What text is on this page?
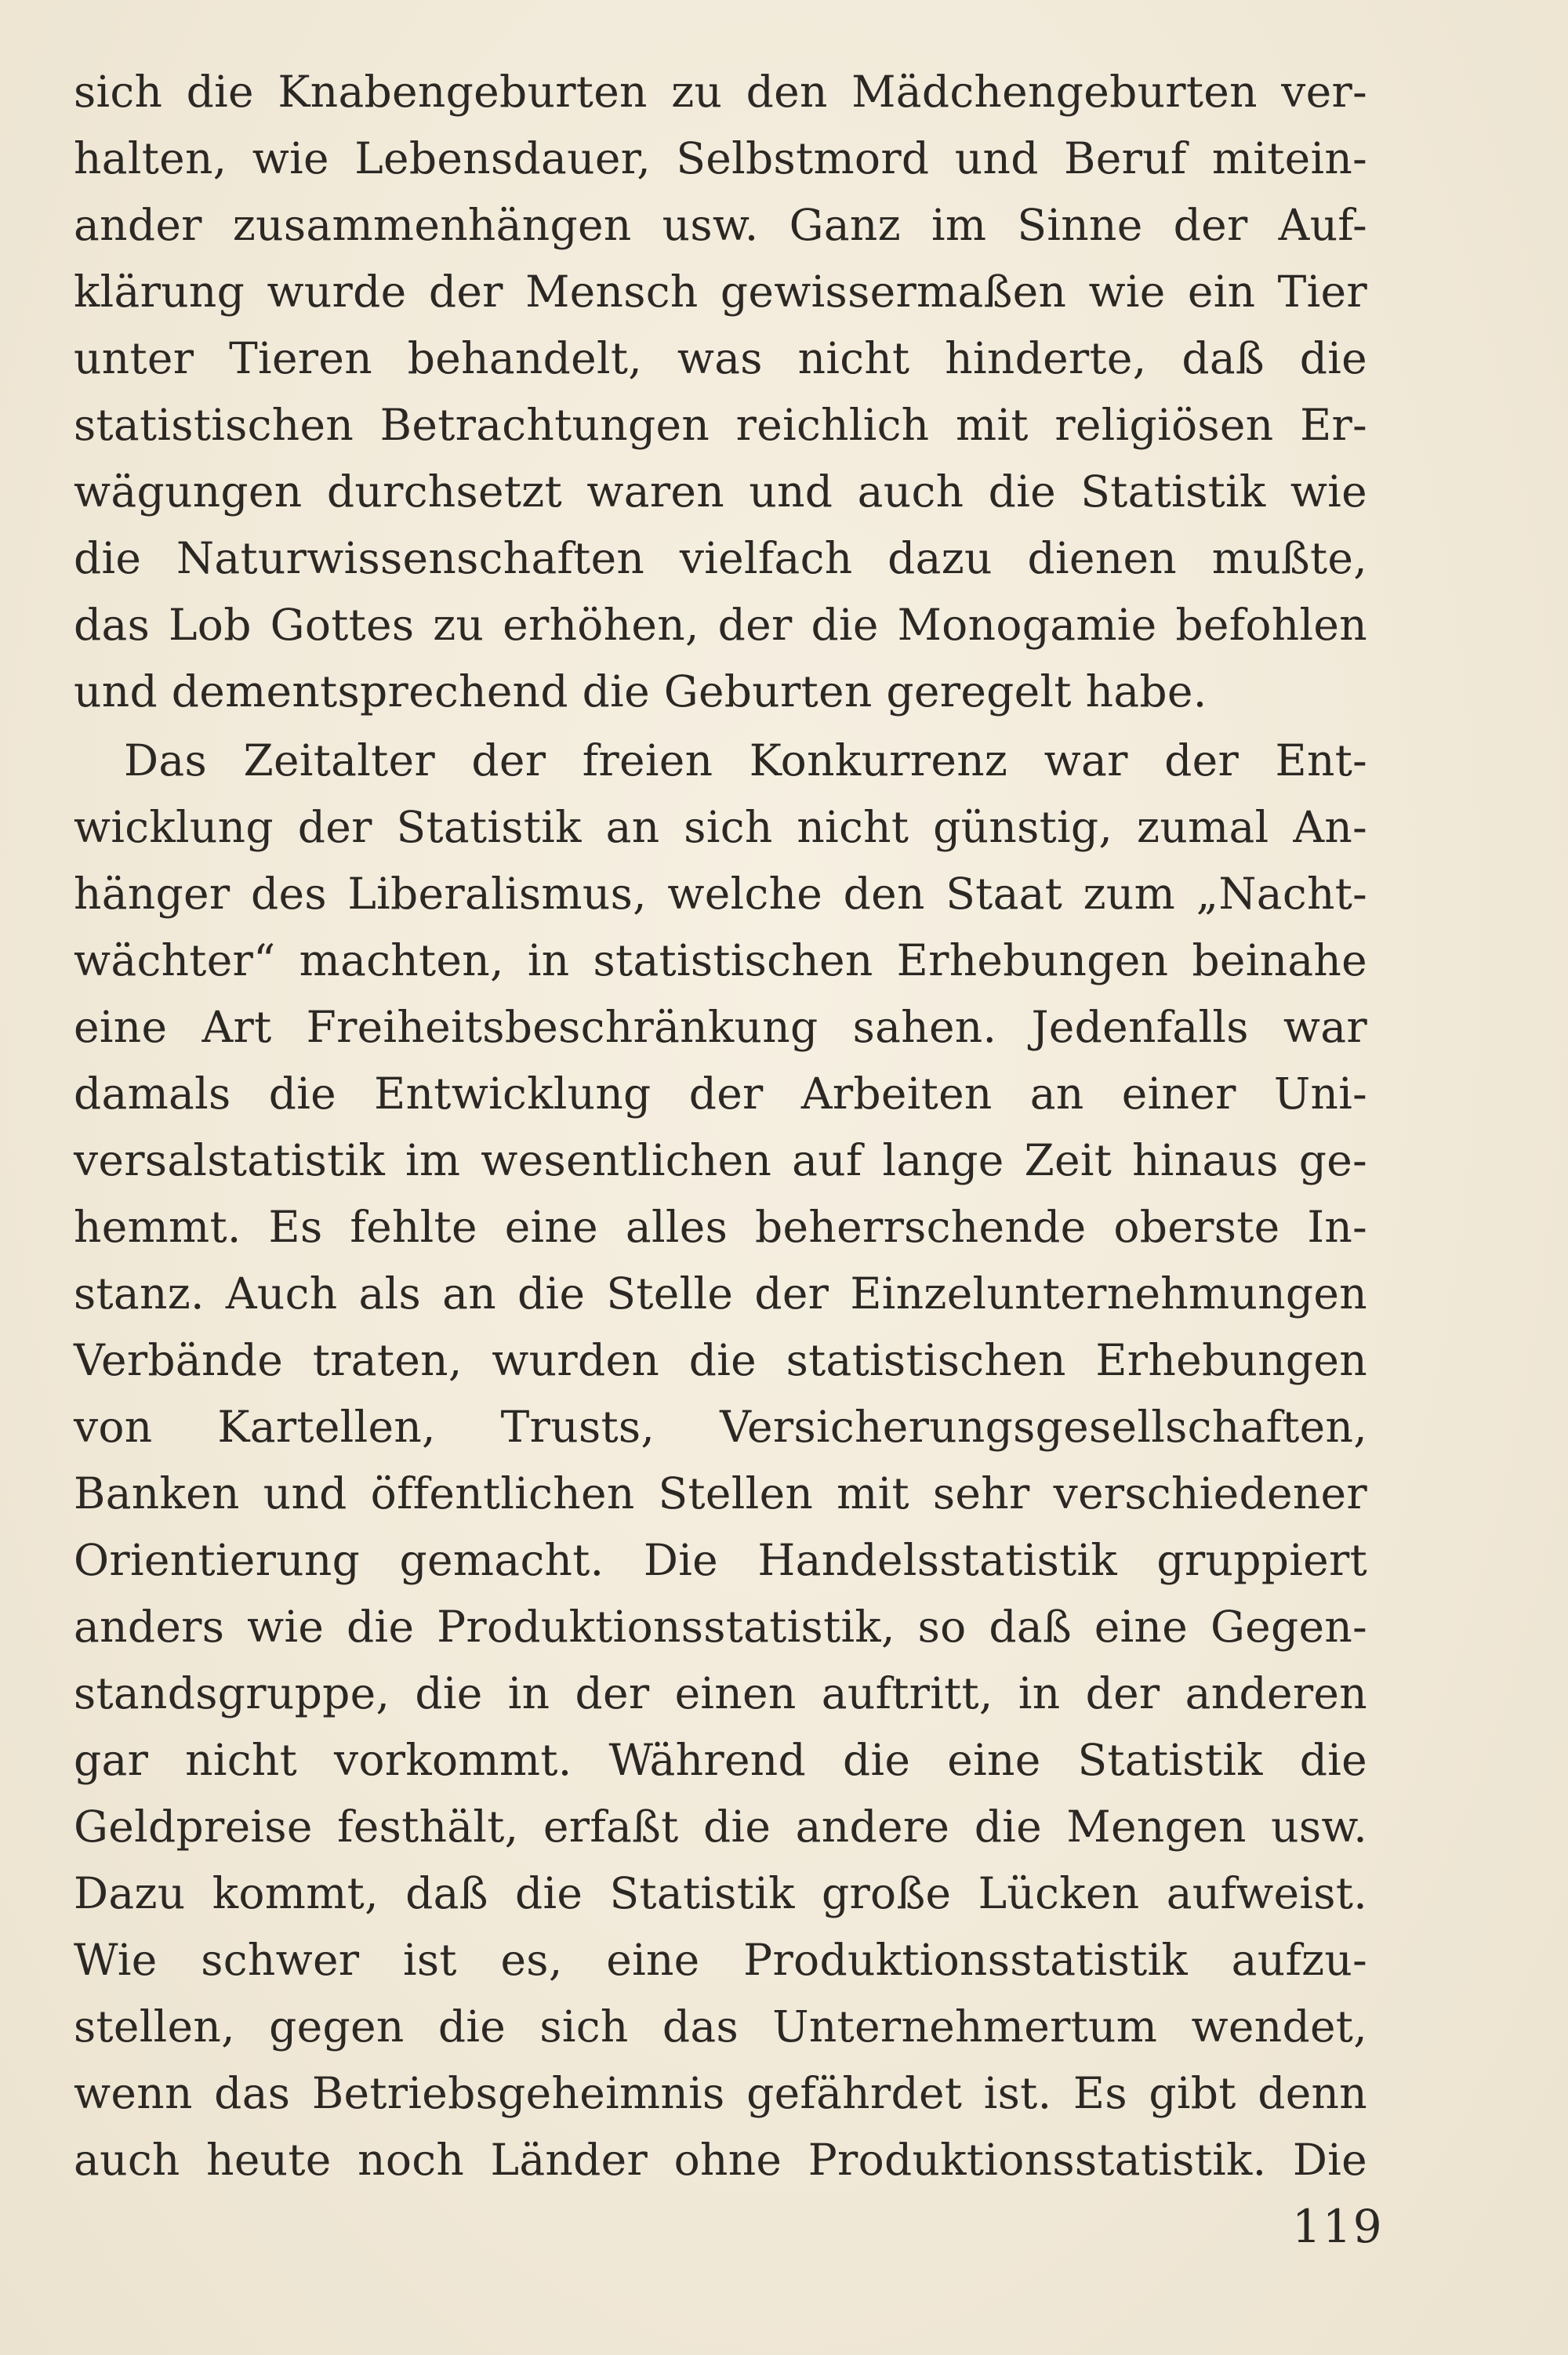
sich die Knabengeburten zu den Mädchengeburten ver-
halten, wie Lebensdauer, Selbstmord und Beruf mitein-
ander zusammenhängen usw. Ganz im Sinne der Auf-
klärung wurde der Mensch gewissermaßen wie ein Tier
unter Tieren behandelt, was nicht hinderte, daß die
statistischen Betrachtungen reichlich mit religiösen Er-
wägungen durchsetzt waren und auch die Statistik wie
die Naturwissenschaften vielfach dazu dienen mußte,
das Lob Gottes zu erhöhen, der die Monogamie befohlen
und dementsprechend die Geburten geregelt habe.
Das Zeitalter der freien Konkurrenz war der Ent-
wicklung der Statistik an sich nicht günstig, zumal An-
hänger des Liberalismus, welche den Staat zum „Nacht-
wächter“ machten, in statistischen Erhebungen beinahe
eine Art Freiheitsbeschränkung sahen. Jedenfalls war
damals die Entwicklung der Arbeiten an einer Uni-
versalstatistik im wesentlichen auf lange Zeit hinaus ge-
hemmt. Es fehlte eine alles beherrschende oberste In-
stanz. Auch als an die Stelle der Einzelunternehmungen
Verbände traten, wurden die statistischen Erhebungen
von Kartellen, Trusts, Versicherungsgesellschaften,
Banken und öffentlichen Stellen mit sehr verschiedener
Orientierung gemacht. Die Handelsstatistik gruppiert
anders wie die Produktionsstatistik, so daß eine Gegen-
standsgruppe, die in der einen auftritt, in der anderen
gar nicht vorkommt. Während die eine Statistik die
Geldpreise festhält, erfaßt die andere die Mengen usw.
Dazu kommt, daß die Statistik große Lücken aufweist.
Wie schwer ist es, eine Produktionsstatistik aufzu-
stellen, gegen die sich das Unternehmertum wendet,
wenn das Betriebsgeheimnis gefährdet ist. Es gibt denn
auch heute noch Länder ohne Produktionsstatistik. Die
119
